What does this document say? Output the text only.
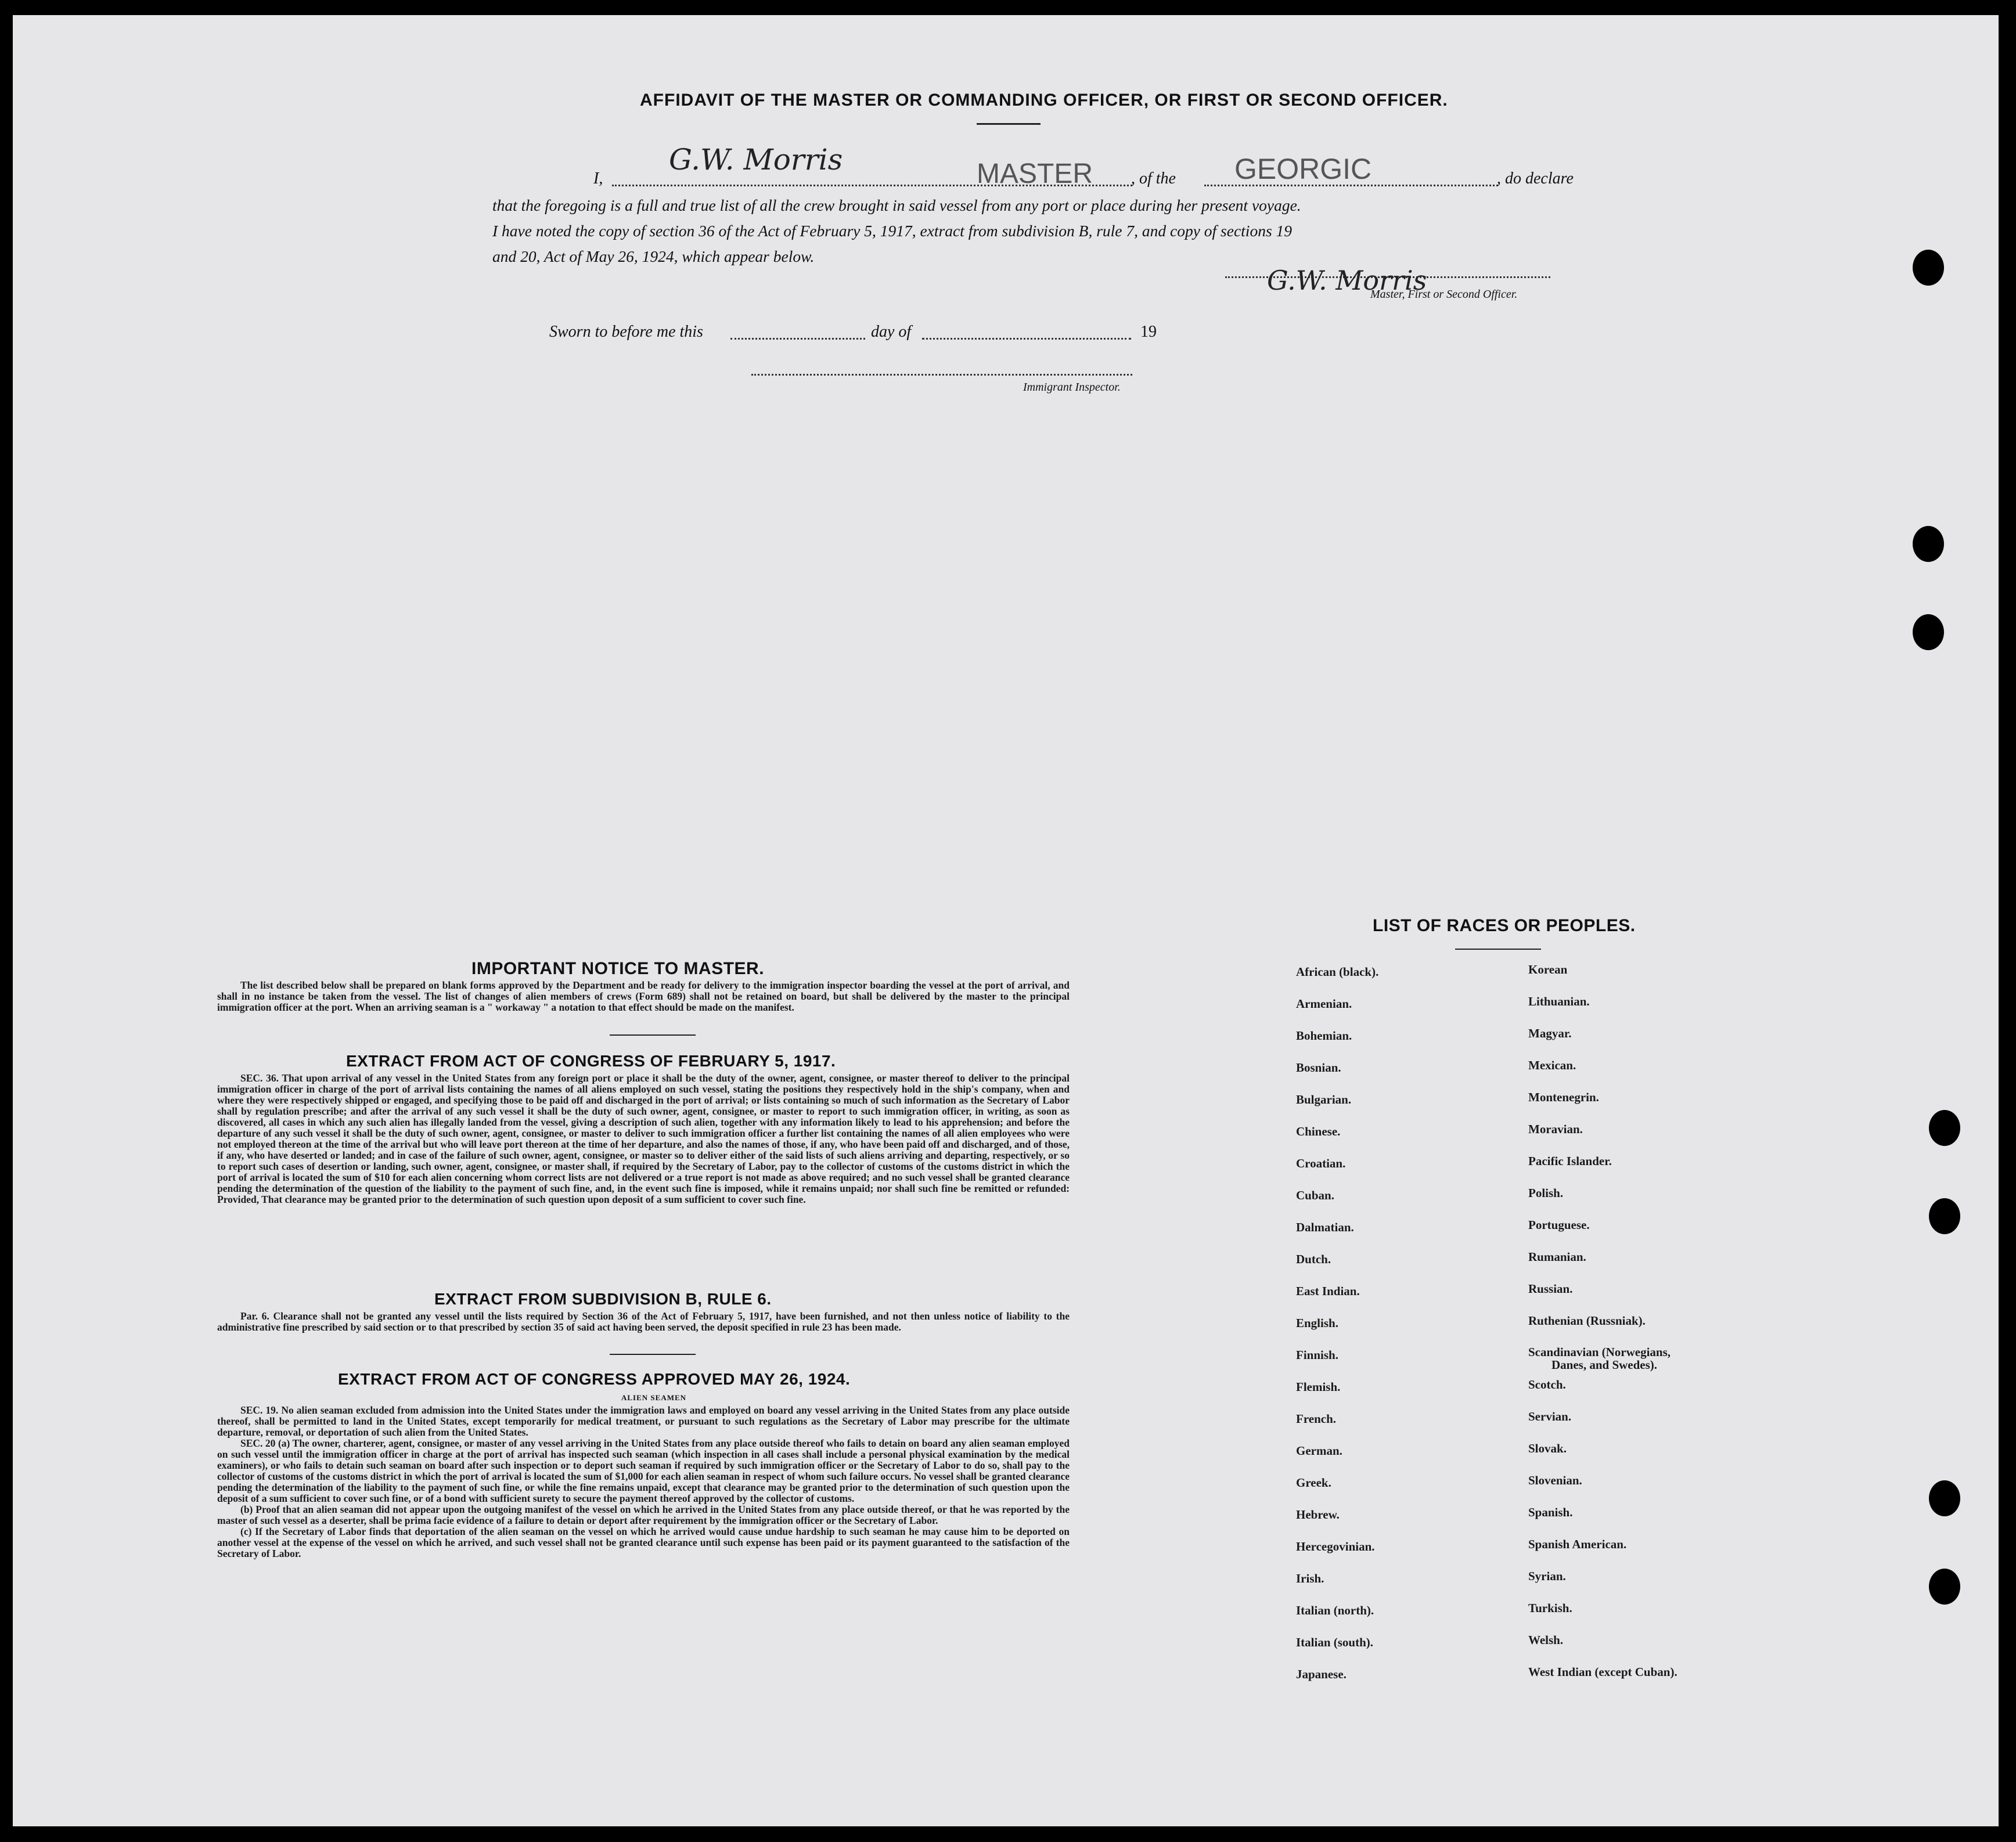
AFFIDAVIT OF THE MASTER OR COMMANDING OFFICER, OR FIRST OR SECOND OFFICER.
I,
G.W. Morris	MASTER , of the GEORGIC	, do declare
that the foregoing is a full and true list of all the crew brought in said vessel from any port or place during her present voyage.
I have noted the copy of section 36 of the Act of February 5, 1917, extract from subdivision B, rule 7, and copy of sections 19
and 20, Act of May 26, 1924, which appear below.
G.W. Morris
Master, First or Second Officer.
Sworn to before me this	day of	19
Immigrant Inspector.
IMPORTANT NOTICE TO MASTER.

The list described below shall be prepared on blank forms approved by the Department and be ready for delivery to the immigration inspector boarding the vessel at the port of arrival, and shall in no instance be taken from the vessel. The list of changes of alien members of crews (Form 689) shall not be retained on board, but shall be delivered by the master to the principal immigration officer at the port. When an arriving seaman is a " workaway " a notation to that effect should be made on the manifest.

EXTRACT FROM ACT OF CONGRESS OF FEBRUARY 5, 1917.

SEC. 36. That upon arrival of any vessel in the United States from any foreign port or place it shall be the duty of the owner, agent, consignee, or master thereof to deliver to the principal immigration officer in charge of the port of arrival lists containing the names of all aliens employed on such vessel, stating the positions they respectively hold in the ship's company, when and where they were respectively shipped or engaged, and specifying those to be paid off and discharged in the port of arrival; or lists containing so much of such information as the Secretary of Labor shall by regulation prescribe; and after the arrival of any such vessel it shall be the duty of such owner, agent, consignee, or master to report to such immigration officer, in writing, as soon as discovered, all cases in which any such alien has illegally landed from the vessel, giving a description of such alien, together with any information likely to lead to his apprehension; and before the departure of any such vessel it shall be the duty of such owner, agent, consignee, or master to deliver to such immigration officer a further list containing the names of all alien employees who were not employed thereon at the time of the arrival but who will leave port thereon at the time of her departure, and also the names of those, if any, who have been paid off and discharged, and of those, if any, who have deserted or landed; and in case of the failure of such owner, agent, consignee, or master so to deliver either of the said lists of such aliens arriving and departing, respectively, or so to report such cases of desertion or landing, such owner, agent, consignee, or master shall, if required by the Secretary of Labor, pay to the collector of customs of the customs district in which the port of arrival is located the sum of $10 for each alien concerning whom correct lists are not delivered or a true report is not made as above required; and no such vessel shall be granted clearance pending the determination of the question of the liability to the payment of such fine, and, in the event such fine is imposed, while it remains unpaid; nor shall such fine be remitted or refunded: Provided, That clearance may be granted prior to the determination of such question upon deposit of a sum sufficient to cover such fine.

EXTRACT FROM SUBDIVISION B, RULE 6.

Par. 6. Clearance shall not be granted any vessel until the lists required by Section 36 of the Act of February 5, 1917, have been furnished, and not then unless notice of liability to the administrative fine prescribed by said section or to that prescribed by section 35 of said act having been served, the deposit specified in rule 23 has been made.

EXTRACT FROM ACT OF CONGRESS APPROVED MAY 26, 1924.
ALIEN SEAMEN

SEC. 19. No alien seaman excluded from admission into the United States under the immigration laws and employed on board any vessel arriving in the United States from any place outside thereof, shall be permitted to land in the United States, except temporarily for medical treatment, or pursuant to such regulations as the Secretary of Labor may prescribe for the ultimate departure, removal, or deportation of such alien from the United States.

SEC. 20 (a) The owner, charterer, agent, consignee, or master of any vessel arriving in the United States from any place outside thereof who fails to detain on board any alien seaman employed on such vessel until the immigration officer in charge at the port of arrival has inspected such seaman (which inspection in all cases shall include a personal physical examination by the medical examiners), or who fails to detain such seaman on board after such inspection or to deport such seaman if required by such immigration officer or the Secretary of Labor to do so, shall pay to the collector of customs of the customs district in which the port of arrival is located the sum of $1,000 for each alien seaman in respect of whom such failure occurs. No vessel shall be granted clearance pending the determination of the liability to the payment of such fine, or while the fine remains unpaid, except that clearance may be granted prior to the determination of such question upon the deposit of a sum sufficient to cover such fine, or of a bond with sufficient surety to secure the payment thereof approved by the collector of customs.

(b) Proof that an alien seaman did not appear upon the outgoing manifest of the vessel on which he arrived in the United States from any place outside thereof, or that he was reported by the master of such vessel as a deserter, shall be prima facie evidence of a failure to detain or deport after requirement by the immigration officer or the Secretary of Labor.

(c) If the Secretary of Labor finds that deportation of the alien seaman on the vessel on which he arrived would cause undue hardship to such seaman he may cause him to be deported on another vessel at the expense of the vessel on which he arrived, and such vessel shall not be granted clearance until such expense has been paid or its payment guaranteed to the satisfaction of the Secretary of Labor.

LIST OF RACES OR PEOPLES.
African (black).
Armenian.
Bohemian.
Bosnian.
Bulgarian.
Chinese.
Croatian.
Cuban.
Dalmatian.
Dutch.
East Indian.
English.
Finnish.
Flemish.
French.
German.
Greek.
Hebrew.
Hercegovinian.
Irish.
Italian (north).
Italian (south).
Japanese.
Korean
Lithuanian.
Magyar.
Mexican.
Montenegrin.
Moravian.
Pacific Islander.
Polish.
Portuguese.
Rumanian.
Russian.
Ruthenian (Russniak).
Scandinavian (Norwegians,
Danes, and Swedes).
Scotch.
Servian.
Slovak.
Slovenian.
Spanish.
Spanish American.
Syrian.
Turkish.
Welsh.
West Indian (except Cuban).
